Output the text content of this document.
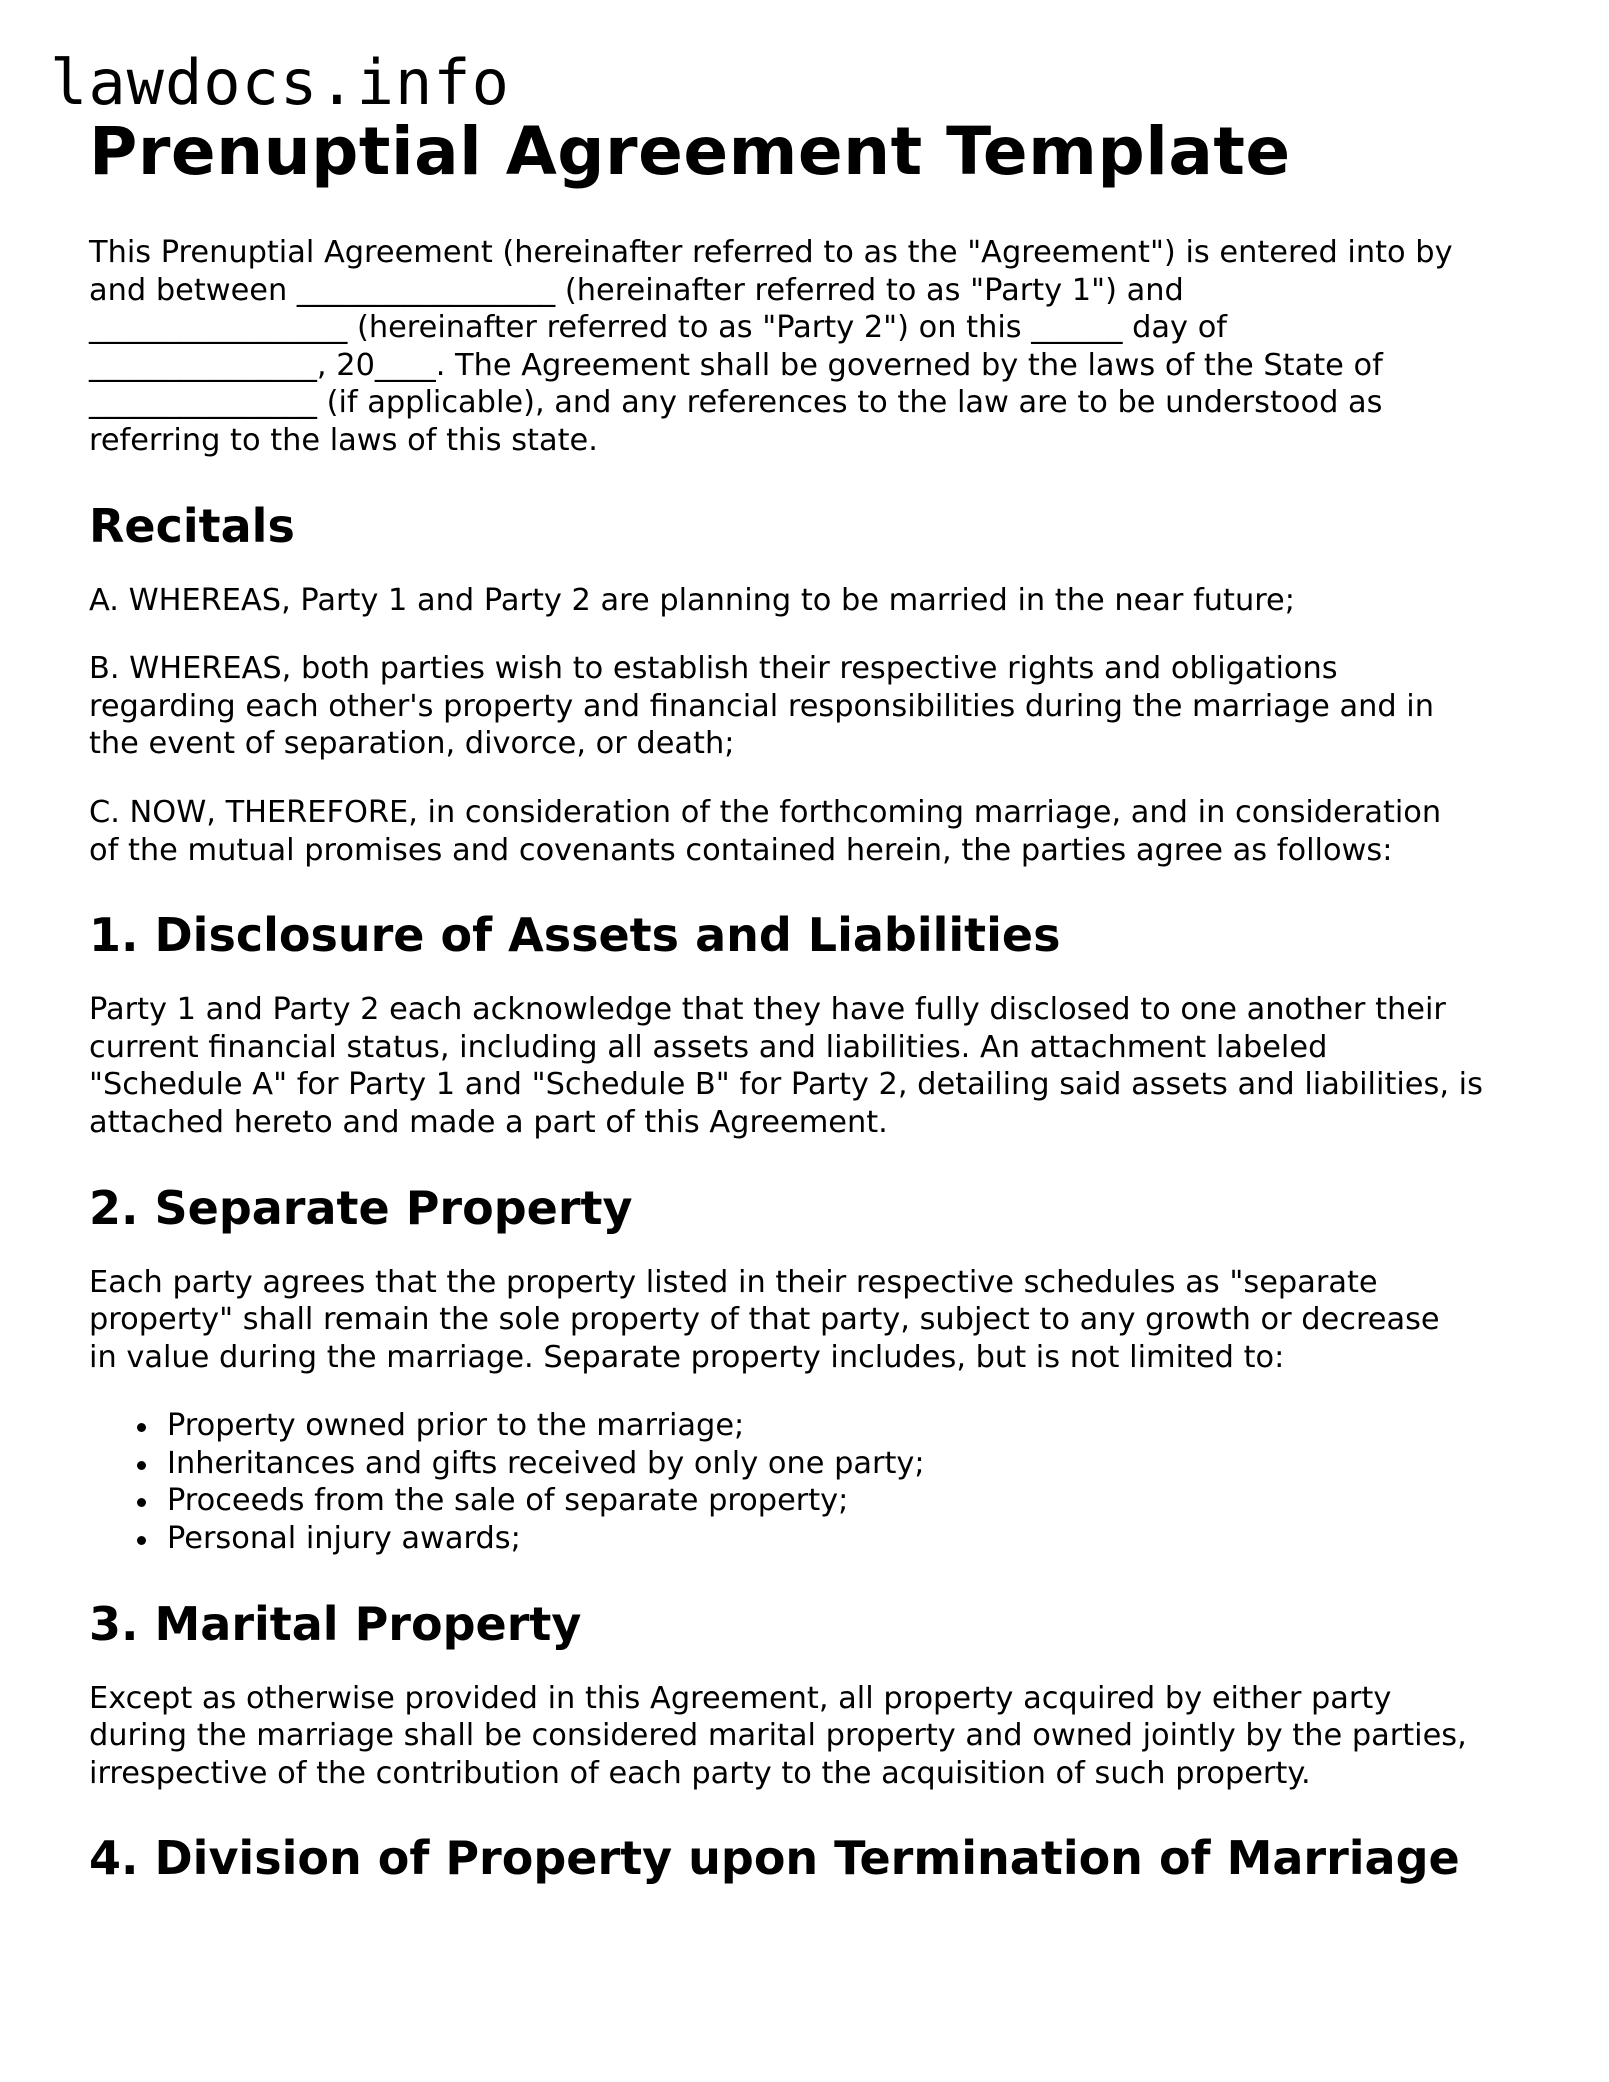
lawdocs.info
Prenuptial Agreement Template

This Prenuptial Agreement (hereinafter referred to as the "Agreement") is entered into by
and between _________________ (hereinafter referred to as "Party 1") and
_________________ (hereinafter referred to as "Party 2") on this ______ day of
_______________, 20____. The Agreement shall be governed by the laws of the State of
_______________ (if applicable), and any references to the law are to be understood as
referring to the laws of this state.

Recitals

A. WHEREAS, Party 1 and Party 2 are planning to be married in the near future;

B. WHEREAS, both parties wish to establish their respective rights and obligations
regarding each other's property and financial responsibilities during the marriage and in
the event of separation, divorce, or death;

C. NOW, THEREFORE, in consideration of the forthcoming marriage, and in consideration
of the mutual promises and covenants contained herein, the parties agree as follows:

1. Disclosure of Assets and Liabilities

Party 1 and Party 2 each acknowledge that they have fully disclosed to one another their
current financial status, including all assets and liabilities. An attachment labeled
"Schedule A" for Party 1 and "Schedule B" for Party 2, detailing said assets and liabilities, is
attached hereto and made a part of this Agreement.

2. Separate Property

Each party agrees that the property listed in their respective schedules as "separate
property" shall remain the sole property of that party, subject to any growth or decrease
in value during the marriage. Separate property includes, but is not limited to:

Property owned prior to the marriage;
Inheritances and gifts received by only one party;
Proceeds from the sale of separate property;
Personal injury awards;
3. Marital Property

Except as otherwise provided in this Agreement, all property acquired by either party
during the marriage shall be considered marital property and owned jointly by the parties,
irrespective of the contribution of each party to the acquisition of such property.

4. Division of Property upon Termination of Marriage
